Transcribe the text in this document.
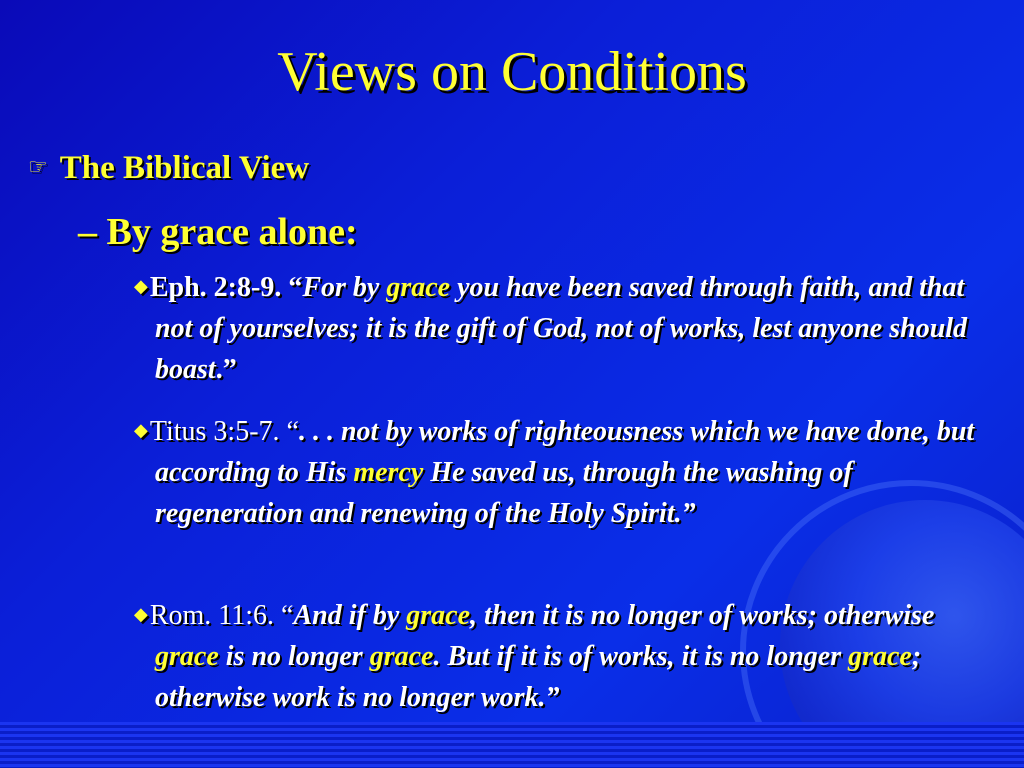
Views on Conditions
☞ The Biblical View
– By grace alone:
◆Eph. 2:8-9. “For by grace you have been saved through faith, and that not of yourselves; it is the gift of God, not of works, lest anyone should boast.”
◆Titus 3:5-7. “. . . not by works of righteousness which we have done, but according to His mercy He saved us, through the washing of regeneration and renewing of the Holy Spirit.”
◆Rom. 11:6. “And if by grace, then it is no longer of works; otherwise grace is no longer grace. But if it is of works, it is no longer grace; otherwise work is no longer work.”
